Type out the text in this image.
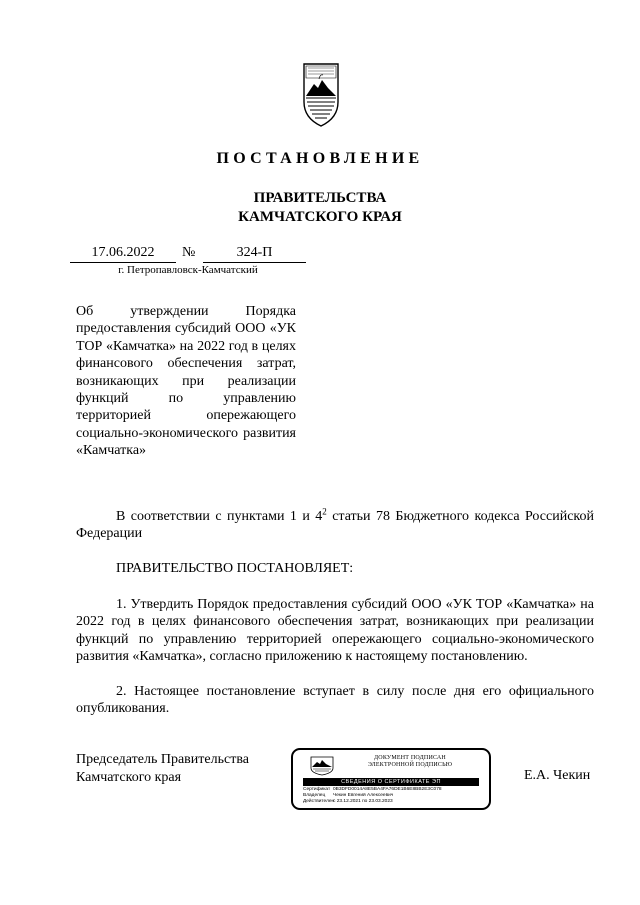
ПОСТАНОВЛЕНИЕ
ПРАВИТЕЛЬСТВА
КАМЧАТСКОГО КРАЯ
17.06.2022	№	324-П
г. Петропавловск-Камчатский
Об утверждении Порядка предоставления субсидий ООО «УК ТОР «Камчатка» на 2022 год в целях финансового обеспечения затрат, возникающих при реализации функций по управлению территорией опережающего социально-экономического развития «Камчатка»
В соответствии с пунктами 1 и $4^2$ статьи 78 Бюджетного кодекса Российской Федерации
ПРАВИТЕЛЬСТВО ПОСТАНОВЛЯЕТ:
1. Утвердить Порядок предоставления субсидий ООО «УК ТОР «Камчатка» на 2022 год в целях финансового обеспечения затрат, возникающих при реализации функций по управлению территорией опережающего социально-экономического развития «Камчатка», согласно приложению к настоящему постановлению.
2. Настоящее постановление вступает в силу после дня его официального опубликования.
Председатель Правительства
Камчатского края
ДОКУМЕНТ ПОДПИСАН
ЭЛЕКТРОННОЙ ПОДПИСЬЮ
СВЕДЕНИЯ О СЕРТИФИКАТЕ ЭП
Сертификат 0B3DFD0014A8E5BA4FA76DE1B6E8BB2E3C078
Владелец	Чекин Евгений Алексеевич
Действителен
с 23.12.2021 по 23.03.2023
Е.А. Чекин
